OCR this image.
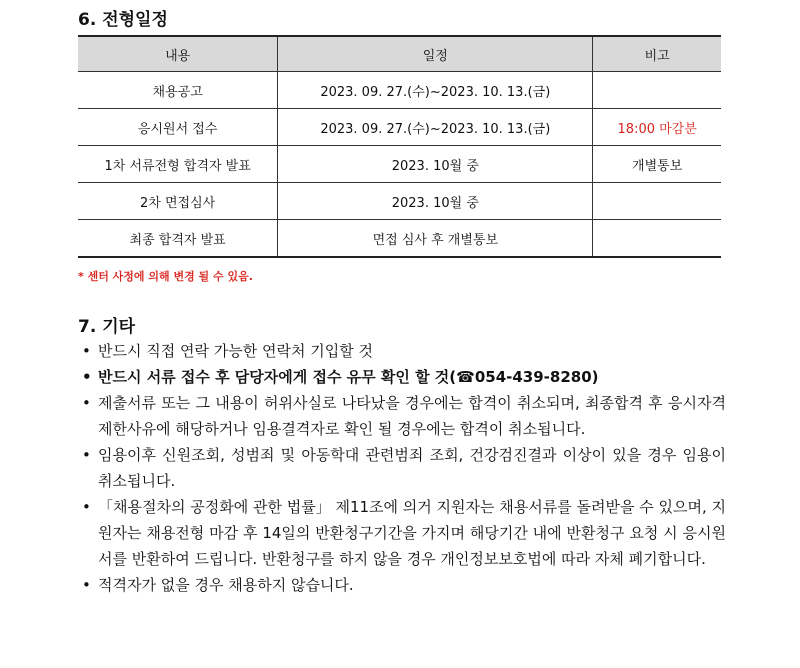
6. 전형일정
내용	일정	비고
채용공고	2023. 09. 27.(수)~2023. 10. 13.(금)	
응시원서 접수	2023. 09. 27.(수)~2023. 10. 13.(금)	18:00 마감분
1차 서류전형 합격자 발표	2023. 10월 중	개별통보
2차 면접심사	2023. 10월 중	
최종 합격자 발표	면접 심사 후 개별통보	

* 센터 사정에 의해 변경 될 수 있음.

7. 기타
• 반드시 직접 연락 가능한 연락처 기입할 것
• 반드시 서류 접수 후 담당자에게 접수 유무 확인 할 것(☎054-439-8280)
• 제출서류 또는 그 내용이 허위사실로 나타났을 경우에는 합격이 취소되며, 최종합격 후 응시자격 제한사유에 해당하거나 임용결격자로 확인 될 경우에는 합격이 취소됩니다.
• 임용이후 신원조회, 성범죄 및 아동학대 관련범죄 조회, 건강검진결과 이상이 있을 경우 임용이 취소됩니다.
• 「채용절차의 공정화에 관한 법률」 제11조에 의거 지원자는 채용서류를 돌려받을 수 있으며, 지원자는 채용전형 마감 후 14일의 반환청구기간을 가지며 해당기간 내에 반환청구 요청 시 응시원서를 반환하여 드립니다. 반환청구를 하지 않을 경우 개인정보보호법에 따라 자체 폐기합니다.
• 적격자가 없을 경우 채용하지 않습니다.
